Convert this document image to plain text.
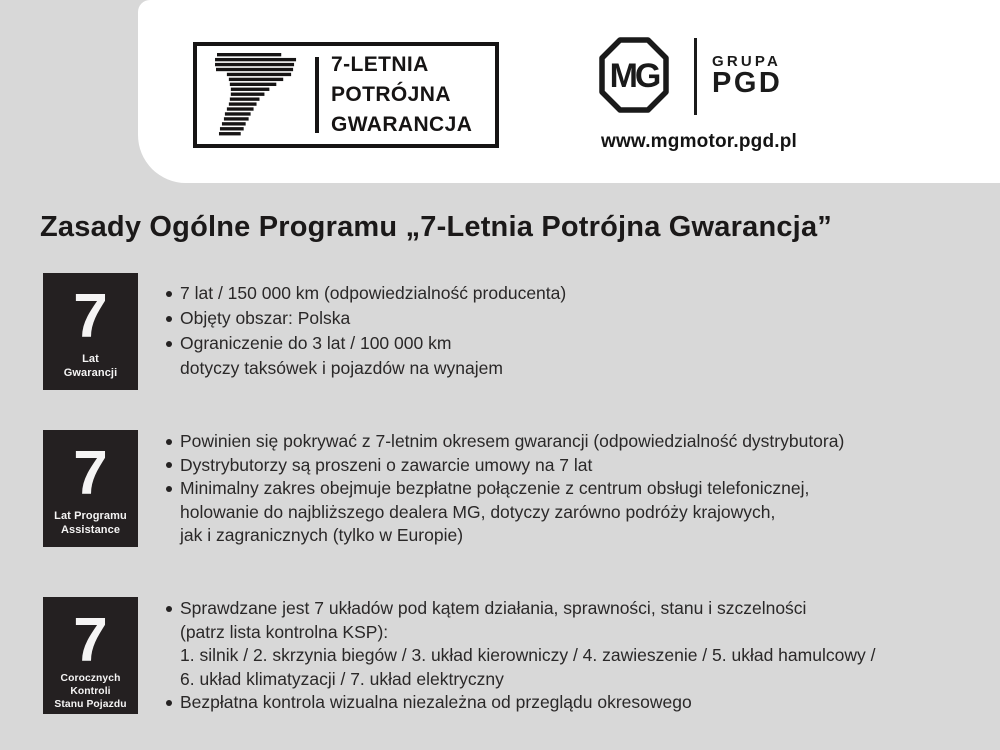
7-LETNIA
POTRÓJNA
GWARANCJA
MG	GRUPA
PGD
www.mgmotor.pgd.pl
Zasady Ogólne Programu „7-Letnia Potrójna Gwarancja”
7
Lat
Gwarancji
7 lat / 150 000 km (odpowiedzialność producenta)
Objęty obszar: Polska
Ograniczenie do 3 lat / 100 000 km
dotyczy taksówek i pojazdów na wynajem
7
Lat Programu
Assistance
Powinien się pokrywać z 7-letnim okresem gwarancji (odpowiedzialność dystrybutora)
Dystrybutorzy są proszeni o zawarcie umowy na 7 lat
Minimalny zakres obejmuje bezpłatne połączenie z centrum obsługi telefonicznej,
holowanie do najbliższego dealera MG, dotyczy zarówno podróży krajowych,
jak i zagranicznych (tylko w Europie)
7
Corocznych Kontroli
Stanu Pojazdu
Sprawdzane jest 7 układów pod kątem działania, sprawności, stanu i szczelności
(patrz lista kontrolna KSP):
1. silnik / 2. skrzynia biegów / 3. układ kierowniczy / 4. zawieszenie / 5. układ hamulcowy /
6. układ klimatyzacji / 7. układ elektryczny
Bezpłatna kontrola wizualna niezależna od przeglądu okresowego
